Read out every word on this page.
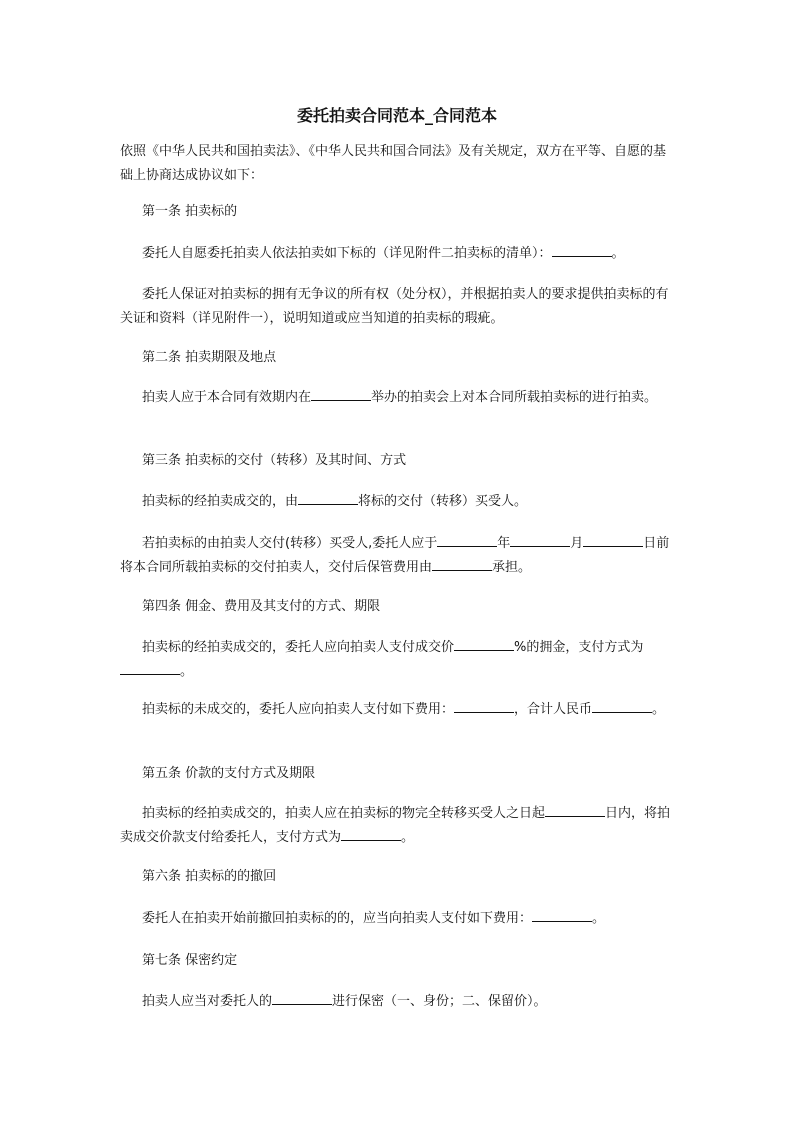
委托拍卖合同范本_合同范本

依照《中华人民共和国拍卖法》、《中华人民共和国合同法》及有关规定，双方在平等、自愿的基础上协商达成协议如下：

第一条 拍卖标的

委托人自愿委托拍卖人依法拍卖如下标的（详见附件二拍卖标的清单）：	。

委托人保证对拍卖标的拥有无争议的所有权（处分权），并根据拍卖人的要求提供拍卖标的有关证和资料（详见附件一），说明知道或应当知道的拍卖标的瑕疵。

第二条 拍卖期限及地点

拍卖人应于本合同有效期内在	举办的拍卖会上对本合同所载拍卖标的进行拍卖。

第三条 拍卖标的交付（转移）及其时间、方式

拍卖标的经拍卖成交的，由	将标的交付（转移）买受人。

若拍卖标的由拍卖人交付(转移）买受人,委托人应于	年	月	日前将本合同所载拍卖标的交付拍卖人，交付后保管费用由	承担。

第四条 佣金、费用及其支付的方式、期限

拍卖标的经拍卖成交的，委托人应向拍卖人支付成交价	%的拥金，支付方式为。

拍卖标的未成交的，委托人应向拍卖人支付如下费用：	，合计人民币	。

第五条 价款的支付方式及期限

拍卖标的经拍卖成交的，拍卖人应在拍卖标的物完全转移买受人之日起	日内，将拍卖成交价款支付给委托人，支付方式为	。

第六条 拍卖标的的撤回

委托人在拍卖开始前撤回拍卖标的的，应当向拍卖人支付如下费用：	。

第七条 保密约定

拍卖人应当对委托人的	进行保密（一、身份；二、保留价）。
